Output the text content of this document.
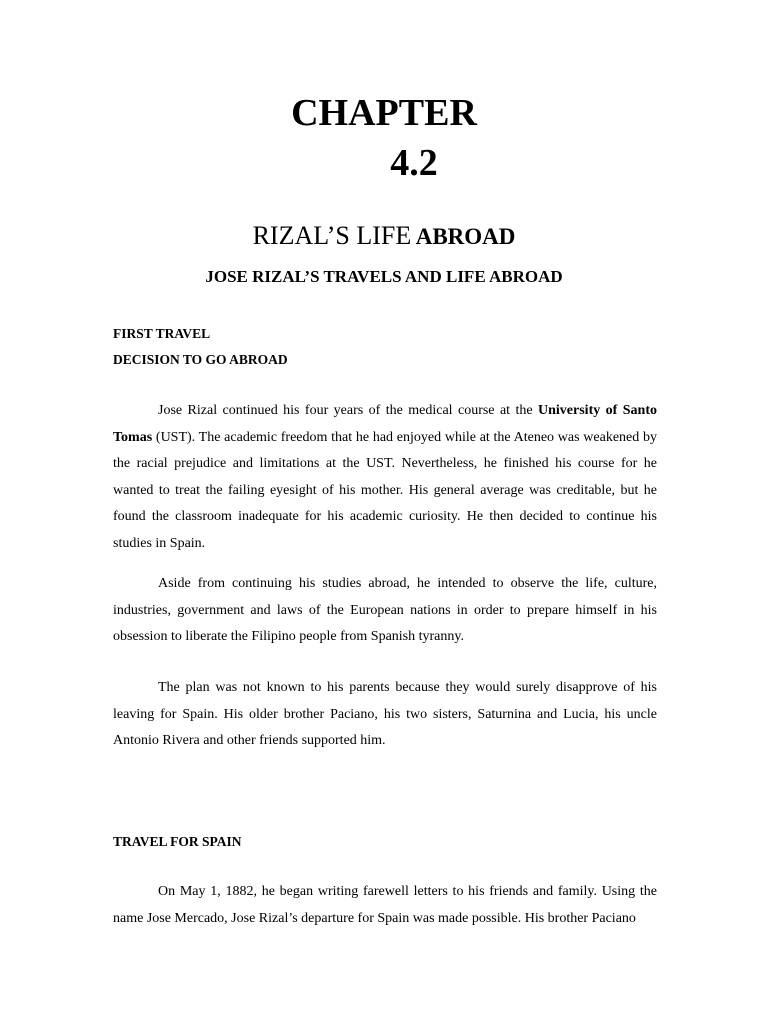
CHAPTER
4.2
RIZAL’S LIFE ABROAD
JOSE RIZAL’S TRAVELS AND LIFE ABROAD
FIRST TRAVEL
DECISION TO GO ABROAD

Jose Rizal continued his four years of the medical course at the University of Santo Tomas (UST). The academic freedom that he had enjoyed while at the Ateneo was weakened by the racial prejudice and limitations at the UST. Nevertheless, he finished his course for he wanted to treat the failing eyesight of his mother. His general average was creditable, but he found the classroom inadequate for his academic curiosity. He then decided to continue his studies in Spain.

Aside from continuing his studies abroad, he intended to observe the life, culture, industries, government and laws of the European nations in order to prepare himself in his obsession to liberate the Filipino people from Spanish tyranny.

The plan was not known to his parents because they would surely disapprove of his leaving for Spain. His older brother Paciano, his two sisters, Saturnina and Lucia, his uncle Antonio Rivera and other friends supported him.

TRAVEL FOR SPAIN

On May 1, 1882, he began writing farewell letters to his friends and family. Using the name Jose Mercado, Jose Rizal’s departure for Spain was made possible. His brother Paciano
